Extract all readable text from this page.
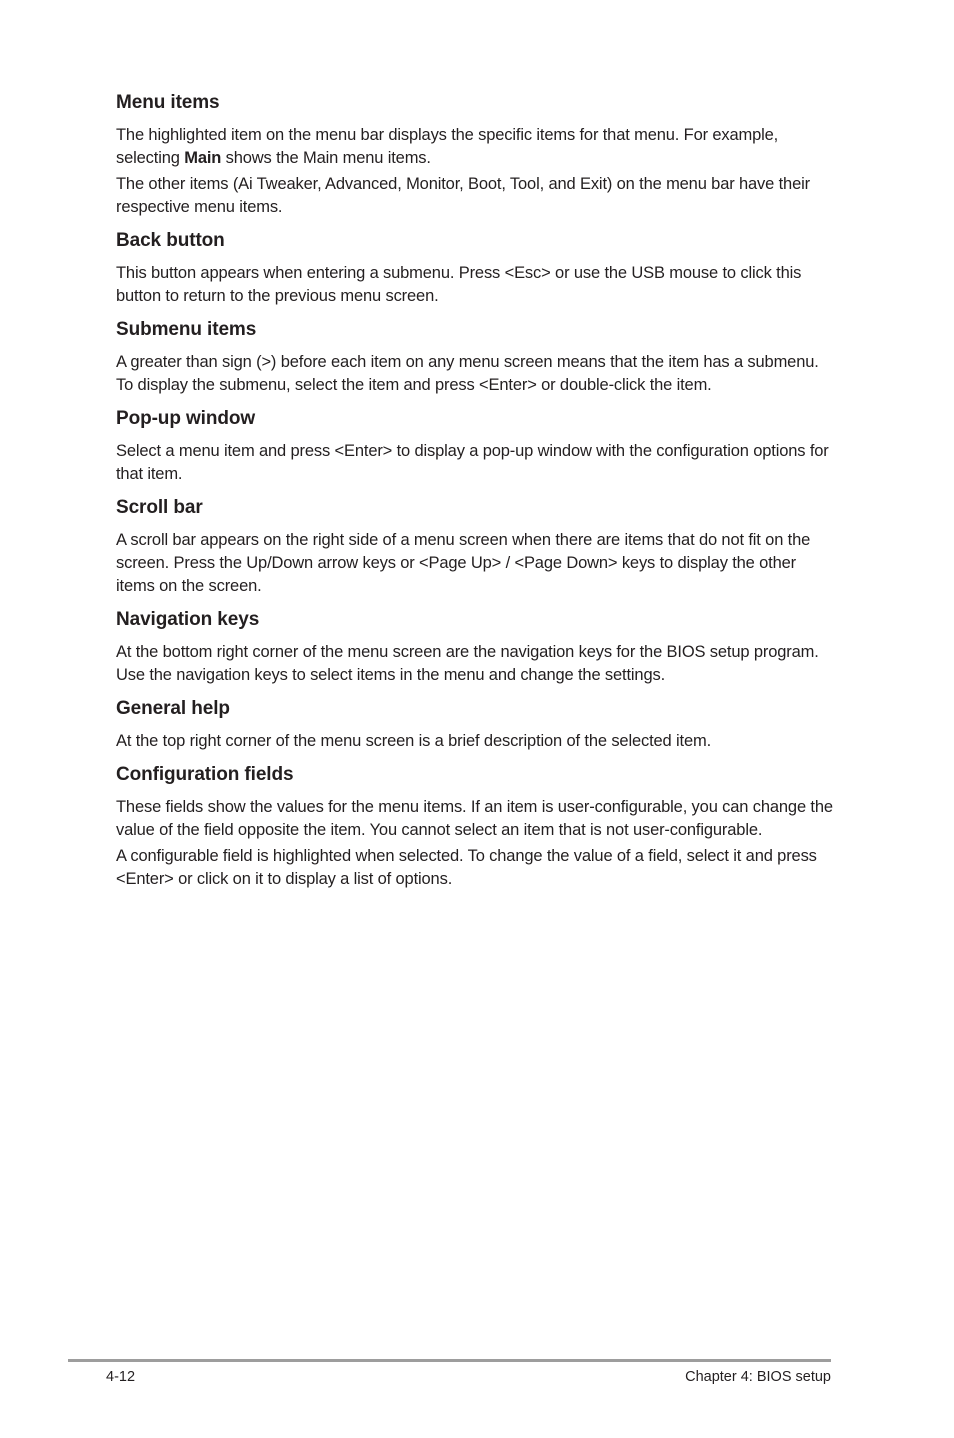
Menu items

The highlighted item on the menu bar displays the specific items for that menu. For example, selecting Main shows the Main menu items.

The other items (Ai Tweaker, Advanced, Monitor, Boot, Tool, and Exit) on the menu bar have their respective menu items.

Back button

This button appears when entering a submenu. Press <Esc> or use the USB mouse to click this button to return to the previous menu screen.

Submenu items

A greater than sign (>) before each item on any menu screen means that the item has a submenu. To display the submenu, select the item and press <Enter> or double-click the item.

Pop-up window

Select a menu item and press <Enter> to display a pop-up window with the configuration options for that item.

Scroll bar

A scroll bar appears on the right side of a menu screen when there are items that do not fit on the screen. Press the Up/Down arrow keys or <Page Up> / <Page Down> keys to display the other items on the screen.

Navigation keys

At the bottom right corner of the menu screen are the navigation keys for the BIOS setup program. Use the navigation keys to select items in the menu and change the settings.

General help

At the top right corner of the menu screen is a brief description of the selected item.

Configuration fields

These fields show the values for the menu items. If an item is user-configurable, you can change the value of the field opposite the item. You cannot select an item that is not user-configurable.

A configurable field is highlighted when selected. To change the value of a field, select it and press <Enter> or click on it to display a list of options.

4-12	Chapter 4: BIOS setup
